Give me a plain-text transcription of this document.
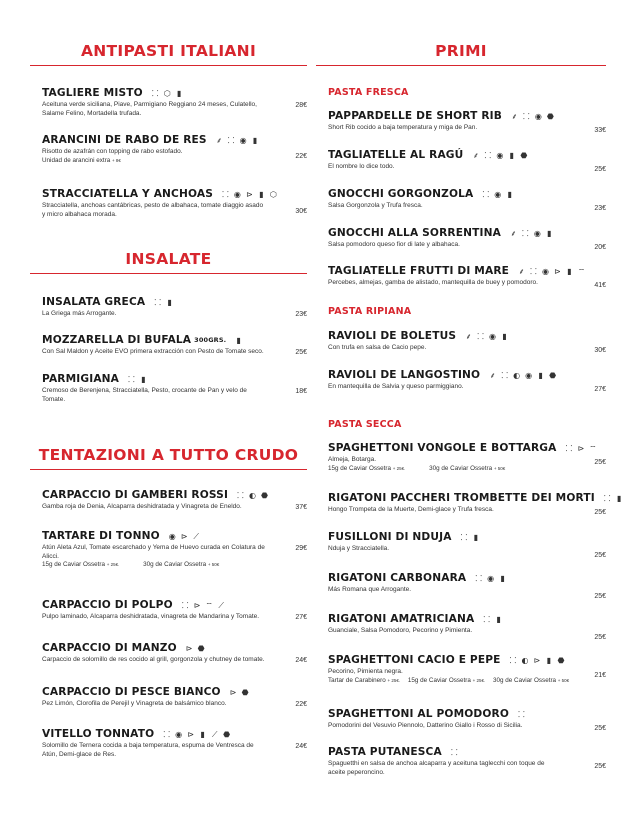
ANTIPASTI ITALIANI
TAGLIERE MISTO ⸬ ⬡ ▮
Aceituna verde siciliana, Piave, Parmigiano Reggiano 24 meses, Culatello, Salame Felino, Mortadella trufada.
28€
ARANCINI DE RABO DE RES ⸙ ⸬ ◉ ▮
Risotto de azafrán con topping de rabo estofado.
Unidad de arancini extra + 8€
22€
STRACCIATELLA Y ANCHOAS ⸬ ◉ ⊳ ▮ ⬡
Stracciatella, anchoas cantábricas, pesto de albahaca, tomate diaggio asado y micro albahaca morada.	30€
INSALATE
INSALATA GRECA ⸬ ▮
La Griega más Arrogante.	23€
MOZZARELLA DI BUFALA 300GRS. ▮
Con Sal Maldon y Aceite EVO primera extracción con Pesto de Tomate seco.	25€
PARMIGIANA ⸬ ▮
Cremoso de Berenjena, Stracciatella, Pesto, crocante de Pan y velo de Tomate.
18€
TENTAZIONI A TUTTO CRUDO
CARPACCIO DI GAMBERI ROSSI ⸬ ◐ ⬣
Gamba roja de Denia, Alcaparra deshidratada y Vinagreta de Eneldo.	37€
TARTARE DI TONNO ◉ ⊳ ⟋
Atún Aleta Azul, Tomate escarchado y Yema de Huevo curada en Colatura de Alicci.
15g de Caviar Ossetra + 25€.	30g de Caviar Ossetra + 50€
29€
CARPACCIO DI POLPO ⸬ ⊳ ⌔ ⟋
Pulpo laminado, Alcaparra deshidratada, vinagreta de Mandarina y Tomate.	27€
CARPACCIO DI MANZO ⊳ ⬣
Carpaccio de solomillo de res cocido al grill, gorgonzola y chutney de tomate.	24€
CARPACCIO DI PESCE BIANCO ⊳ ⬣
Pez Limón, Clorofila de Perejil y Vinagreta de balsámico blanco.	22€
VITELLO TONNATO ⸬ ◉ ⊳ ▮ ⟋ ⬣
Solomillo de Ternera cocida a baja temperatura, espuma de Ventresca de Atún, Demi-glace de Res.
24€
PRIMI
PASTA FRESCA
PAPPARDELLE DE SHORT RIB ⸙ ⸬ ◉ ⬣
Short Rib cocido a baja temperatura y miga de Pan.	33€
TAGLIATELLE AL RAGÚ ⸙ ⸬ ◉ ▮ ⬣
El nombre lo dice todo.	25€
GNOCCHI GORGONZOLA ⸬ ◉ ▮
Salsa Gorgonzola y Trufa fresca.	23€
GNOCCHI ALLA SORRENTINA ⸙ ⸬ ◉ ▮
Salsa pomodoro queso fior di late y albahaca.	20€
TAGLIATELLE FRUTTI DI MARE ⸙ ⸬ ◉ ⊳ ▮ ⌔
Percebes, almejas, gamba de alistado, mantequilla de buey y pomodoro.	41€
PASTA RIPIANA
RAVIOLI DE BOLETUS ⸙ ⸬ ◉ ▮
Con trufa en salsa de Cacio pepe.	30€
RAVIOLI DE LANGOSTINO ⸙ ⸬ ◐ ◉ ▮ ⬣
En mantequilla de Salvia y queso parmiggiano.	27€
PASTA SECCA
SPAGHETTONI VONGOLE E BOTTARGA ⸬ ⊳ ⌔
Almeja, Botarga.
15g de Caviar Ossetra + 25€.	30g de Caviar Ossetra + 50€
25€
RIGATONI PACCHERI TROMBETTE DEI MORTI ⸬ ▮
Hongo Trompeta de la Muerte, Demi-glace y Trufa fresca.	25€
FUSILLONI DI NDUJA ⸬ ▮
Nduja y Stracciatella.
25€
RIGATONI CARBONARA ⸬ ◉ ▮
Más Romana que Arrogante.
25€
RIGATONI AMATRICIANA ⸬ ▮
Guanciale, Salsa Pomodoro, Pecorino y Pimienta.
25€
SPAGHETTONI CACIO E PEPE ⸬ ◐ ⊳ ▮ ⬣
Pecorino, Pimienta negra.
Tartar de Carabinero + 25€. 15g de Caviar Ossetra + 25€. 30g de Caviar Ossetra + 50€
21€
SPAGHETTONI AL POMODORO ⸬
Pomodorini del Vesuvio Piennolo, Datterino Giallo i Rosso di Sicilia.	25€
PASTA PUTANESCA ⸬
Spaguetthi en salsa de anchoa alcaparra y aceituna taglecchi con toque de aceite peperoncino.
25€
